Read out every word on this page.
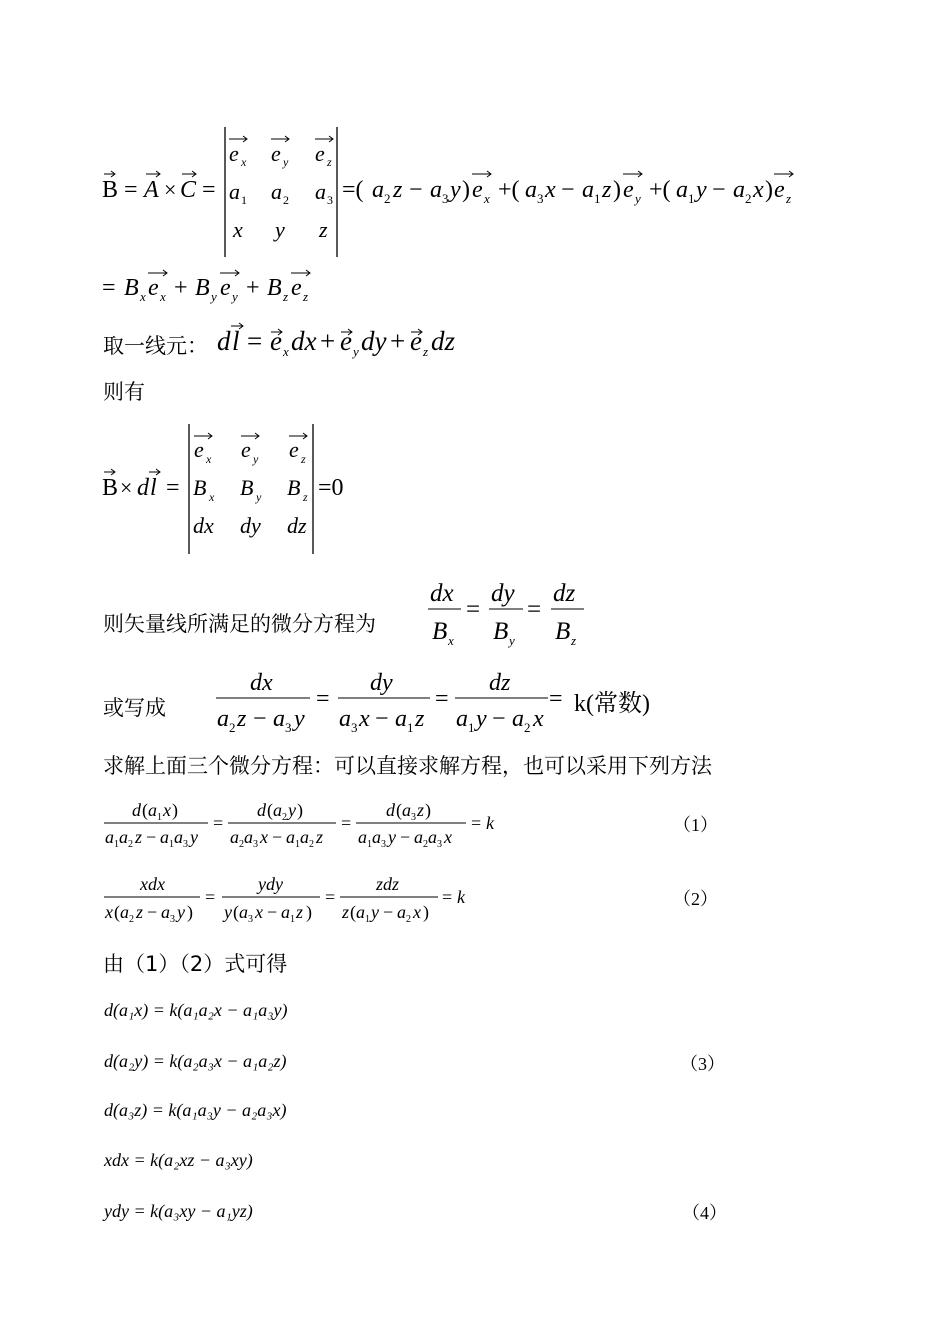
B = A × C =
e x e y e z
a 1 a 2 a 3
x y z
=( a 2 z − a 3 y ) e x +( a 3 x − a 1 z ) e y +( a 1 y − a 2 x ) e z
= B x e x + B y e y + B z e z
取一线元： d l = e x dx + e y dy + e z dz
则有
B × d l =
e x e y e z
B x B y B z
dx dy dz
=0
则矢量线所满足的微分方程为
dx
B x
=
dy
B y
=
dz
B z
或写成
dx
a 2 z − a 3 y
=
dy
a 3 x − a 1 z
=
dz
a 1 y − a 2 x
= k(常数)
求解上面三个微分方程：可以直接求解方程，也可以采用下列方法
d ( a 1 x )
a 1 a 2 z − a 1 a 3 y
=
d ( a 2 y )
a 2 a 3 x − a 1 a 2 z
=
d ( a 3 z )
a 1 a 3 y − a 2 a 3 x
= k	（1）
xdx
x ( a 2 z − a 3 y )
=
ydy
y ( a 3 x − a 1 z )
=
zdz
z ( a 1 y − a 2 x )
= k	（2）
由（1）（2）式可得
d(a₁x) = k(a₁a₂x − a₁a₃y)
d(a₂y) = k(a₂a₃x − a₁a₂z)	（3）
d(a₃z) = k(a₁a₃y − a₂a₃x)
xdx = k(a₂xz − a₃xy)
ydy = k(a₃xy − a₁yz)	（4）
